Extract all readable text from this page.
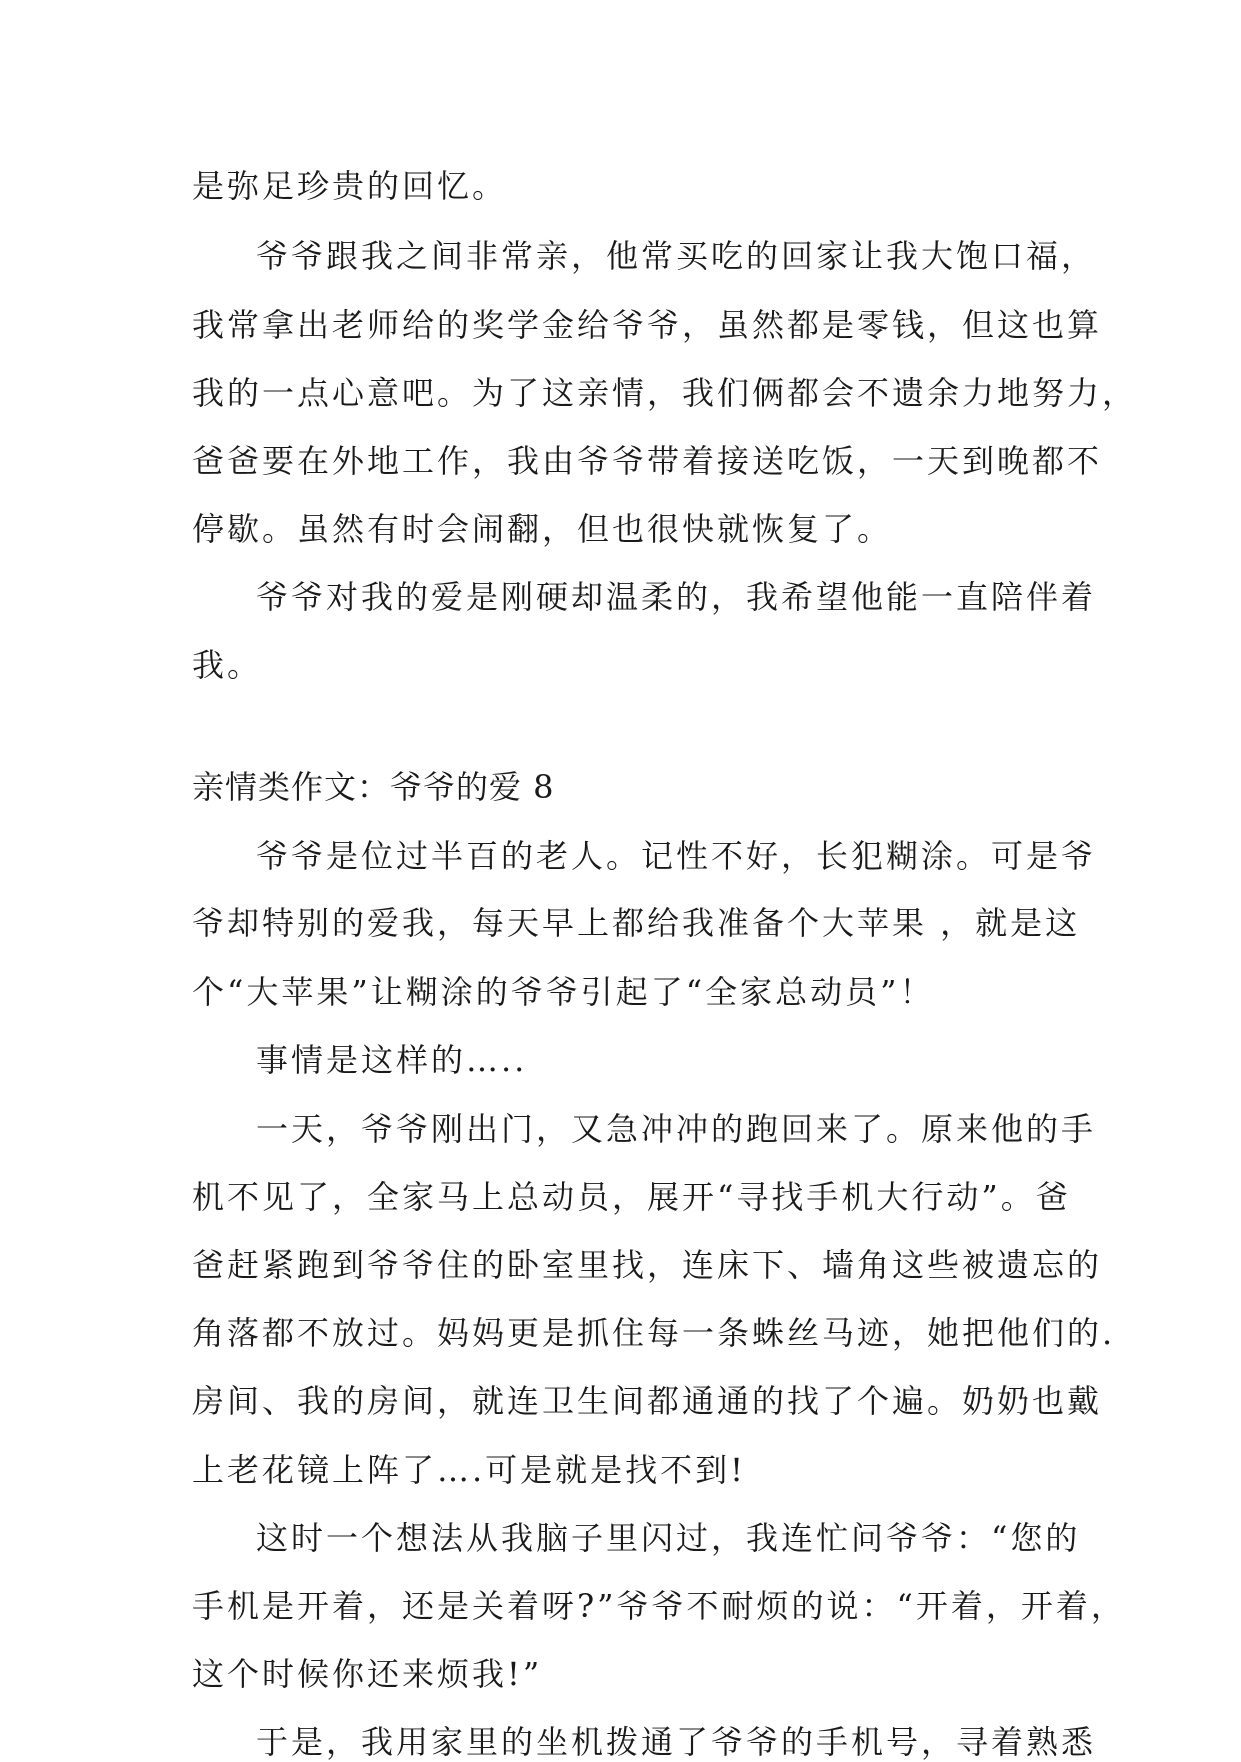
是弥足珍贵的回忆。
爷爷跟我之间非常亲，他常买吃的回家让我大饱口福，
我常拿出老师给的奖学金给爷爷，虽然都是零钱，但这也算
我的一点心意吧。为了这亲情，我们俩都会不遗余力地努力，
爸爸要在外地工作，我由爷爷带着接送吃饭，一天到晚都不
停歇。虽然有时会闹翻，但也很快就恢复了。
爷爷对我的爱是刚硬却温柔的，我希望他能一直陪伴着
我。
亲情类作文：爷爷的爱 8
爷爷是位过半百的老人。记性不好，长犯糊涂。可是爷
爷却特别的爱我，每天早上都给我准备个大苹果 ，就是这
个“大苹果”让糊涂的爷爷引起了“全家总动员”！
事情是这样的…..
一天，爷爷刚出门，又急冲冲的跑回来了。原来他的手
机不见了，全家马上总动员，展开“寻找手机大行动”。爸
爸赶紧跑到爷爷住的卧室里找，连床下、墙角这些被遗忘的
角落都不放过。妈妈更是抓住每一条蛛丝马迹，她把他们的.
房间、我的房间，就连卫生间都通通的找了个遍。奶奶也戴
上老花镜上阵了….可是就是找不到!
这时一个想法从我脑子里闪过，我连忙问爷爷：“您的
手机是开着，还是关着呀?”爷爷不耐烦的说：“开着，开着，
这个时候你还来烦我!”
于是，我用家里的坐机拨通了爷爷的手机号，寻着熟悉
